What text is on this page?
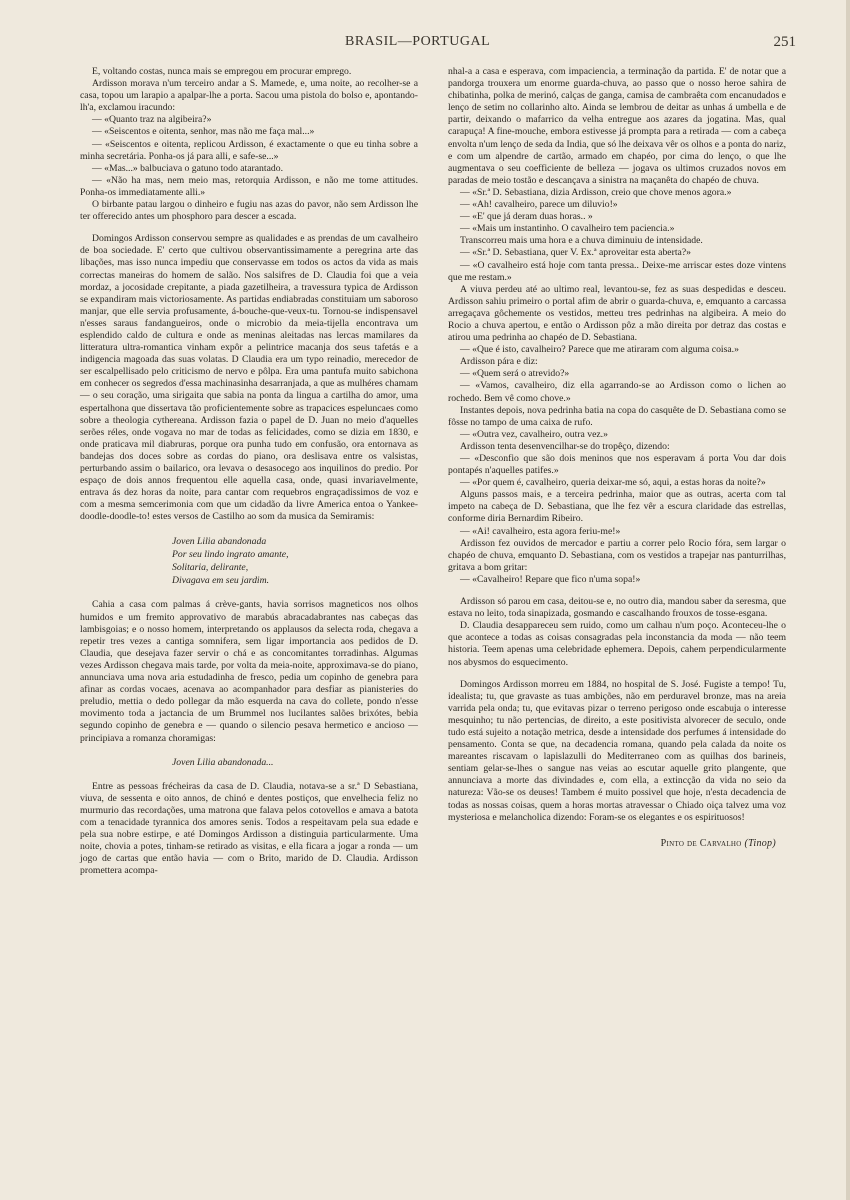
BRASIL—PORTUGAL	251

E, voltando costas, nunca mais se empregou em procurar emprego.

Ardisson morava n'um terceiro andar a S. Mamede, e, uma noite, ao recolher-se a casa, topou um larapio a apalpar-lhe a porta. Sacou uma pistola do bolso e, apontando-lh'a, exclamou iracundo:

— «Quanto traz na algibeira?»

— «Seiscentos e oitenta, senhor, mas não me faça mal...»

— «Seiscentos e oitenta, replicou Ardisson, é exactamente o que eu tinha sobre a minha secretária. Ponha-os já para alli, e safe-se...»

— «Mas...» balbuciava o gatuno todo atarantado.

— «Não ha mas, nem meio mas, retorquia Ardisson, e não me tome attitudes. Ponha-os immediatamente alli.»

O birbante patau largou o dinheiro e fugiu nas azas do pavor, não sem Ardisson lhe ter offerecido antes um phosphoro para descer a escada.

Domingos Ardisson conservou sempre as qualidades e as prendas de um cavalheiro de boa sociedade. E' certo que cultivou observantissimamente a peregrina arte das libações, mas isso nunca impediu que conservasse em todos os actos da vida as mais correctas maneiras do homem de salão. Nos salsifres de D. Claudia foi que a veia mordaz, a jocosidade crepitante, a piada gazetilheira, a travessura typica de Ardisson se expandiram mais victoriosamente. As partidas endiabradas constituiam um saboroso manjar, que elle servia profusamente, á-bouche-que-veux-tu. Tornou-se indispensavel n'esses saraus fandangueiros, onde o microbio da meia-tijella encontrava um esplendido caldo de cultura e onde as meninas aleitadas nas lercas mamilares da litteratura ultra-romantica vinham expôr a pelintrice macanja dos seus tafetás e a indigencia magoada das suas volatas. D Claudia era um typo reinadio, merecedor de ser escalpellisado pelo criticismo de nervo e pôlpa. Era uma pantufa muito sabichona em conhecer os segredos d'essa machinasinha desarranjada, a que as mulhéres chamam — o seu coração, uma sirigaita que sabia na ponta da lingua a cartilha do amor, uma espertalhona que dissertava tão proficientemente sobre as trapacices espeluncaes como sobre a theologia cythereana. Ardisson fazia o papel de D. Juan no meio d'aquelles serões réles, onde vogava no mar de todas as felicidades, como se dizia em 1830, e onde praticava mil diabruras, porque ora punha tudo em confusão, ora entornava as bandejas dos doces sobre as cordas do piano, ora deslisava entre os valsistas, perturbando assim o bailarico, ora levava o desasocego aos inquilinos do predio. Por espaço de dois annos frequentou elle aquella casa, onde, quasi invariavelmente, entrava ás dez horas da noite, para cantar com requebros engraçadissimos de voz e com a mesma semcerimonia com que um cidadão da livre America entoa o Yankee-doodle-doodle-to! estes versos de Castilho ao som da musica da Semiramis:

Joven Lilia abandonada
Por seu lindo ingrato amante,
Solitaria, delirante,
Divagava em seu jardim.

Cahia a casa com palmas á crève-gants, havia sorrisos magneticos nos olhos humidos e um fremito approvativo de marabús abracadabrantes nas cabeças das lambisgoias; e o nosso homem, interpretando os applausos da selecta roda, chegava a repetir tres vezes a cantiga somnifera, sem ligar importancia aos pedidos de D. Claudia, que desejava fazer servir o chá e as concomitantes torradinhas. Algumas vezes Ardisson chegava mais tarde, por volta da meia-noite, approximava-se do piano, annunciava uma nova aria estudadinha de fresco, pedia um copinho de genebra para afinar as cordas vocaes, acenava ao acompanhador para desfiar as pianisteries do preludio, mettia o dedo pollegar da mão esquerda na cava do collete, pondo n'esse movimento toda a jactancia de um Brummel nos lucilantes salões brixótes, bebia segundo copinho de genebra e — quando o silencio pesava hermetico e ancioso — principiava a romanza choramigas:

Joven Lilia abandonada...

Entre as pessoas frécheiras da casa de D. Claudia, notava-se a sr.ª D Sebastiana, viuva, de sessenta e oito annos, de chinó e dentes postiços, que envelhecia feliz no murmurio das recordações, uma matrona que falava pelos cotovellos e amava a batota com a tenacidade tyrannica dos amores senis. Todos a respeitavam pela sua edade e pela sua nobre estirpe, e até Domingos Ardisson a distinguia particularmente. Uma noite, chovia a potes, tinham-se retirado as visitas, e ella ficara a jogar a ronda — um jogo de cartas que então havia — com o Brito, marido de D. Claudia. Ardisson promettera acompa-

nhal-a a casa e esperava, com impaciencia, a terminação da partida. E' de notar que a pandorga trouxera um enorme guarda-chuva, ao passo que o nosso heroe sahira de chibatinha, polka de merinó, calças de ganga, camisa de cambraêta com encanudados e lenço de setim no collarinho alto. Ainda se lembrou de deitar as unhas á umbella e de partir, deixando o mafarrico da velha entregue aos azares da jogatina. Mas, qual carapuça! A fine-mouche, embora estivesse já prompta para a retirada — com a cabeça envolta n'um lenço de seda da India, que só lhe deixava vêr os olhos e a ponta do nariz, e com um alpendre de cartão, armado em chapéo, por cima do lenço, o que lhe augmentava o seu coefficiente de belleza — jogava os ultimos cruzados novos em paradas de meio tostão e descançava a sinistra na maçanêta do chapéo de chuva.

— «Sr.ª D. Sebastiana, dizia Ardisson, creio que chove menos agora.»

— «Ah! cavalheiro, parece um diluvio!»

— «E' que já deram duas horas.. »

— «Mais um instantinho. O cavalheiro tem paciencia.»

Transcorreu mais uma hora e a chuva diminuiu de intensidade.

— «Sr.ª D. Sebastiana, quer V. Ex.ª aproveitar esta aberta?»

— «O cavalheiro está hoje com tanta pressa.. Deixe-me arriscar estes doze vintens que me restam.»

A viuva perdeu até ao ultimo real, levantou-se, fez as suas despedidas e desceu. Ardisson sahiu primeiro o portal afim de abrir o guarda-chuva, e, emquanto a carcassa arregaçava gôchemente os vestidos, metteu tres pedrinhas na algibeira. A meio do Rocio a chuva apertou, e então o Ardisson pôz a mão direita por detraz das costas e atirou uma pedrinha ao chapéo de D. Sebastiana.

— «Que é isto, cavalheiro? Parece que me atiraram com alguma coisa.»

Ardisson pára e diz:

— «Quem será o atrevido?»

— «Vamos, cavalheiro, diz ella agarrando-se ao Ardisson como o lichen ao rochedo. Bem vê como chove.»

Instantes depois, nova pedrinha batia na copa do casquête de D. Sebastiana como se fôsse no tampo de uma caixa de rufo.

— «Outra vez, cavalheiro, outra vez.»

Ardisson tenta desenvencilhar-se do tropêço, dizendo:

— «Desconfio que são dois meninos que nos esperavam á porta Vou dar dois pontapés n'aquelles patifes.»

— «Por quem é, cavalheiro, queria deixar-me só, aqui, a estas horas da noite?»

Alguns passos mais, e a terceira pedrinha, maior que as outras, acerta com tal impeto na cabeça de D. Sebastiana, que lhe fez vêr a escura claridade das estrellas, conforme diria Bernardim Ribeiro.

— «Ai! cavalheiro, esta agora feriu-me!»

Ardisson fez ouvidos de mercador e partiu a correr pelo Rocio fóra, sem largar o chapéo de chuva, emquanto D. Sebastiana, com os vestidos a trapejar nas panturrilhas, gritava a bom gritar:

— «Cavalheiro! Repare que fico n'uma sopa!»

Ardisson só parou em casa, deitou-se e, no outro dia, mandou saber da seresma, que estava no leito, toda sinapizada, gosmando e cascalhando frouxos de tosse-esgana.

D. Claudia desappareceu sem ruido, como um calhau n'um poço. Aconteceu-lhe o que acontece a todas as coisas consagradas pela inconstancia da moda — não teem historia. Teem apenas uma celebridade ephemera. Depois, cahem perpendicularmente nos abysmos do esquecimento.

Domingos Ardisson morreu em 1884, no hospital de S. José. Fugiste a tempo! Tu, idealista; tu, que gravaste as tuas ambições, não em perduravel bronze, mas na areia varrida pela onda; tu, que evitavas pizar o terreno perigoso onde escabuja o interesse mesquinho; tu não pertencias, de direito, a este positivista alvorecer de seculo, onde tudo está sujeito a notação metrica, desde a intensidade dos perfumes á intensidade do pensamento. Conta se que, na decadencia romana, quando pela calada da noite os mareantes riscavam o lapislazulli do Mediterraneo com as quilhas dos barineis, sentiam gelar-se-lhes o sangue nas veias ao escutar aquelle grito plangente, que annunciava a morte das divindades e, com ella, a extincção da vida no seio da natureza: Vão-se os deuses! Tambem é muito possivel que hoje, n'esta decadencia de todas as nossas coisas, quem a horas mortas atravessar o Chiado oiça talvez uma voz mysteriosa e melancholica dizendo: Foram-se os elegantes e os espirituosos!

Pinto de Carvalho (Tinop)
